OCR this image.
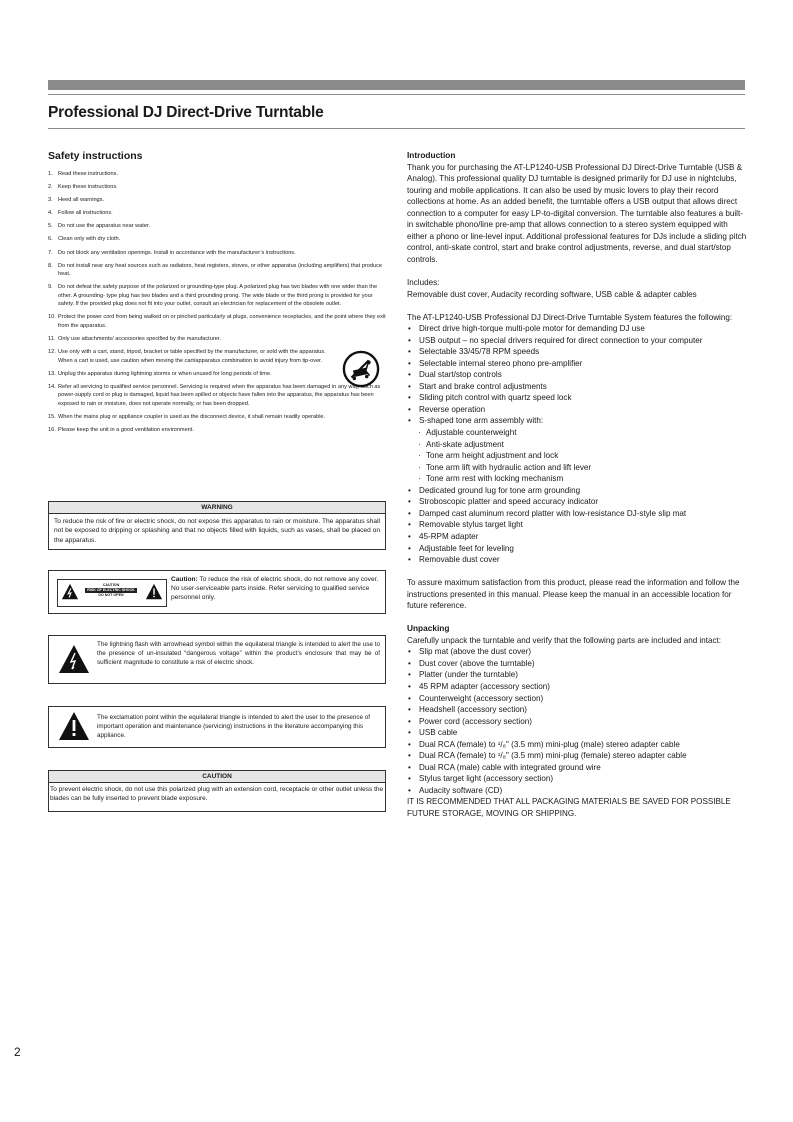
Professional DJ Direct-Drive Turntable
Safety instructions
1. Read these instructions.
2. Keep these instructions.
3. Heed all warnings.
4. Follow all instructions.
5. Do not use the apparatus near water.
6. Clean only with dry cloth.
7. Do not block any ventilation openings. Install in accordance with the manufacturer’s instructions.
8. Do not install near any heat sources such as radiators, heat registers, stoves, or other apparatus (including amplifiers) that produce heat.
9. Do not defeat the safety purpose of the polarized or grounding-type plug. A polarized plug has two blades with one wider than the other. A grounding- type plug has two blades and a third grounding prong. The wide blade or the third prong is provided for your safety. If the provided plug does not fit into your outlet, consult an electrician for replacement of the obsolete outlet.
10. Protect the power cord from being walked on or pinched particularly at plugs, convenience receptacles, and the point where they exit from the apparatus.
11. Only use attachments/ accessories specified by the manufacturer.
12. Use only with a cart, stand, tripod, bracket or table specified by the manufacturer, or sold with the apparatus. When a cart is used, use caution when moving the cart/apparatus combination to avoid injury from tip-over.
13. Unplug this apparatus during lightning storms or when unused for long periods of time.
14. Refer all servicing to qualified service personnel. Servicing is required when the apparatus has been damaged in any way, such as power-supply cord or plug is damaged, liquid has been spilled or objects have fallen into the apparatus, the apparatus has been exposed to rain or moisture, does not operate normally, or has been dropped.
15. When the mains plug or appliance coupler is used as the disconnect device, it shall remain readily operable.
16. Please keep the unit in a good ventilation environment.
WARNING
To reduce the risk of fire or electric shock, do not expose this apparatus to rain or moisture. The apparatus shall not be exposed to dripping or splashing and that no objects filled with liquids, such as vases, shall be placed on the apparatus.
CAUTION
RISK OF ELECTRIC SHOCK
DO NOT OPEN
Caution: To reduce the risk of electric shock, do not remove any cover. No user-serviceable parts inside. Refer servicing to qualified service personnel only.
The lightning flash with arrowhead symbol within the equilateral triangle is intended to alert the use to the presence of un-insulated “dangerous voltage” within the product’s enclosure that may be of sufficient magnitude to constitute a risk of electric shock.
The exclamation point within the equilateral triangle is intended to alert the user to the presence of important operation and maintenance (servicing) instructions in the literature accompanying this appliance.
CAUTION
To prevent electric shock, do not use this polarized plug with an extension cord, receptacle or other outlet unless the blades can be fully inserted to prevent blade exposure.

Introduction

Thank you for purchasing the AT-LP1240-USB Professional DJ Direct-Drive Turntable (USB & Analog). This professional quality DJ turntable is designed primarily for DJ use in nightclubs, touring and mobile applications. It can also be used by music lovers to play their record collections at home. As an added benefit, the turntable offers a USB output that allows direct connection to a computer for easy LP-to-digital conversion. The turntable also features a built-in switchable phono/line pre-amp that allows connection to a stereo system equipped with either a phono or line-level input. Additional professional features for DJs include a sliding pitch control, anti-skate control, start and brake control adjustments, reverse, and dual start/stop controls.

Includes:

Removable dust cover, Audacity recording software, USB cable & adapter cables

The AT-LP1240-USB Professional DJ Direct-Drive Turntable System features the following:

• Direct drive high-torque multi-pole motor for demanding DJ use
• USB output – no special drivers required for direct connection to your computer
• Selectable 33/45/78 RPM speeds
• Selectable internal stereo phono pre-amplifier
• Dual start/stop controls
• Start and brake control adjustments
• Sliding pitch control with quartz speed lock
• Reverse operation
• S-shaped tone arm assembly with:
· Adjustable counterweight
· Anti-skate adjustment
· Tone arm height adjustment and lock
· Tone arm lift with hydraulic action and lift lever
· Tone arm rest with locking mechanism
• Dedicated ground lug for tone arm grounding
• Stroboscopic platter and speed accuracy indicator
• Damped cast aluminum record platter with low-resistance DJ-style slip mat
• Removable stylus target light
• 45-RPM adapter
• Adjustable feet for leveling
• Removable dust cover

To assure maximum satisfaction from this product, please read the information and follow the instructions presented in this manual. Please keep the manual in an accessible location for future reference.

Unpacking

Carefully unpack the turntable and verify that the following parts are included and intact:

• Slip mat (above the dust cover)
• Dust cover (above the turntable)
• Platter (under the turntable)
• 45 RPM adapter (accessory section)
• Counterweight (accessory section)
• Headshell (accessory section)
• Power cord (accessory section)
• USB cable
• Dual RCA (female) to ¹/₈" (3.5 mm) mini-plug (male) stereo adapter cable
• Dual RCA (female) to ¹/₈" (3.5 mm) mini-plug (female) stereo adapter cable
• Dual RCA (male) cable with integrated ground wire
• Stylus target light (accessory section)
• Audacity software (CD)

IT IS RECOMMENDED THAT ALL PACKAGING MATERIALS BE SAVED FOR POSSIBLE FUTURE STORAGE, MOVING OR SHIPPING.

2
